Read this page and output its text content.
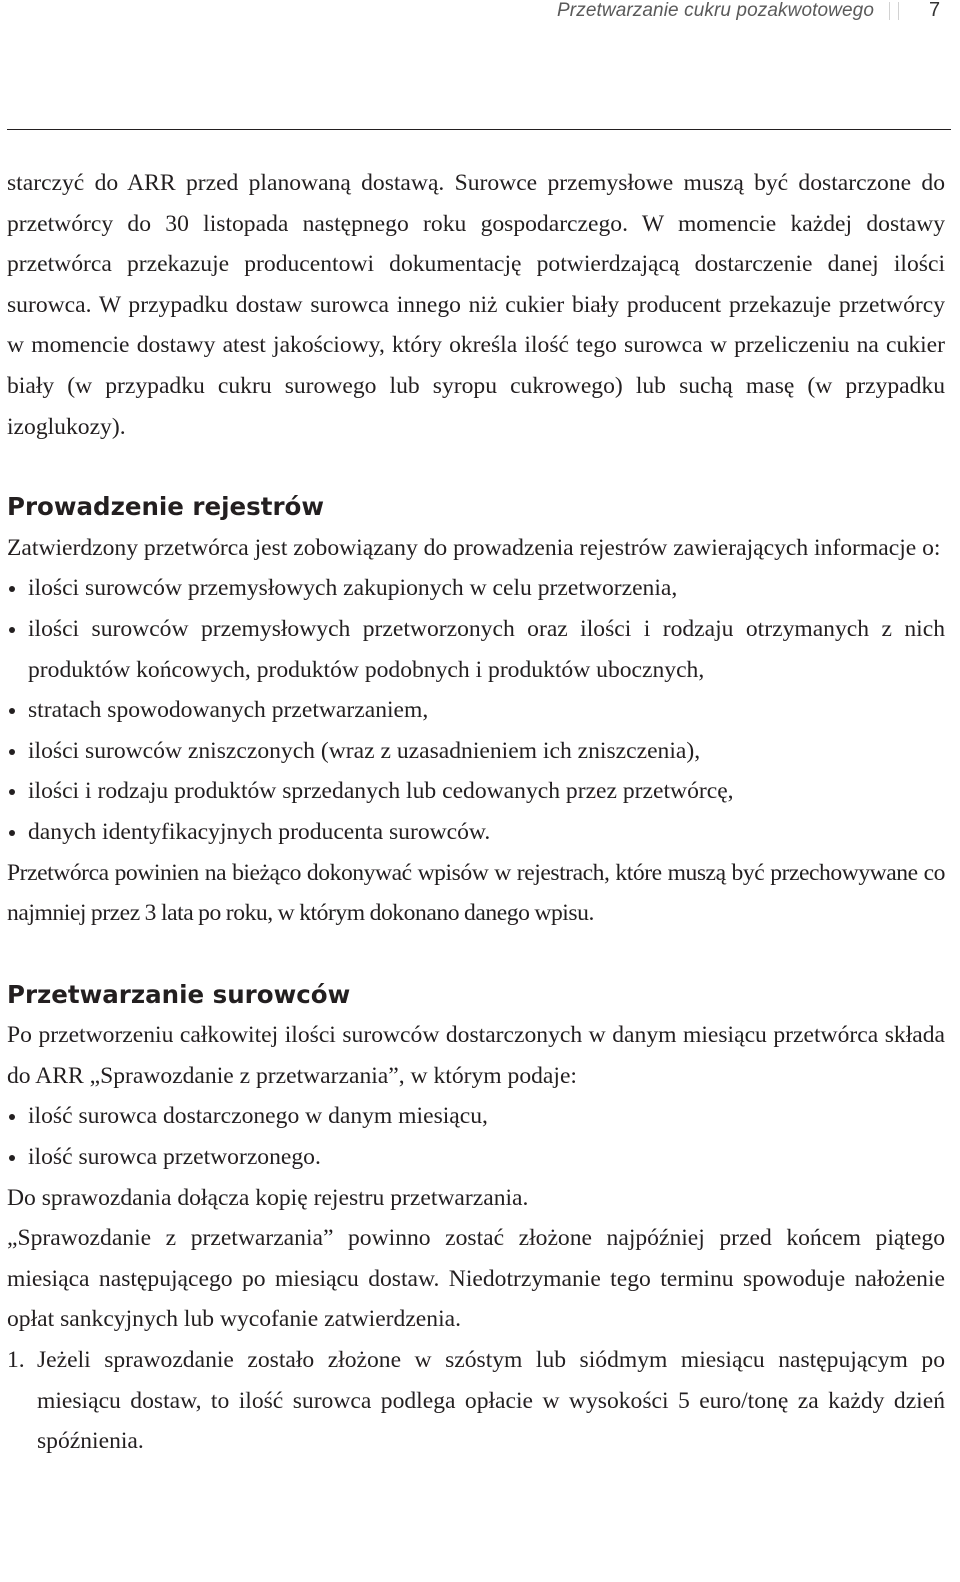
Przetwarzanie cukru pozakwotowego	7

starczyć do ARR przed planowaną dostawą. Surowce przemysłowe muszą być dostarczone do przetwórcy do 30 listopada następnego roku gospodarczego. W momencie każdej dostawy przetwórca przekazuje producentowi dokumentację potwierdzającą dostarczenie danej ilości surowca. W przypadku dostaw surowca innego niż cukier biały producent przekazuje przetwórcy w momencie dostawy atest jakościowy, który określa ilość tego surowca w przeliczeniu na cukier biały (w przypadku cukru surowego lub syropu cukrowego) lub suchą masę (w przypadku izoglukozy).

Prowadzenie rejestrów

Zatwierdzony przetwórca jest zobowiązany do prowadzenia rejestrów zawierających informacje o:

ilości surowców przemysłowych zakupionych w celu przetworzenia,
ilości surowców przemysłowych przetworzonych oraz ilości i rodzaju otrzymanych z nich produktów końcowych, produktów podobnych i produktów ubocznych,
stratach spowodowanych przetwarzaniem,
ilości surowców zniszczonych (wraz z uzasadnieniem ich zniszczenia),
ilości i rodzaju produktów sprzedanych lub cedowanych przez przetwórcę,
danych identyfikacyjnych producenta surowców.

Przetwórca powinien na bieżąco dokonywać wpisów w rejestrach, które muszą być przechowywane co najmniej przez 3 lata po roku, w którym dokonano danego wpisu.

Przetwarzanie surowców

Po przetworzeniu całkowitej ilości surowców dostarczonych w danym miesiącu przetwórca składa do ARR „Sprawozdanie z przetwarzania”, w którym podaje:

ilość surowca dostarczonego w danym miesiącu,
ilość surowca przetworzonego.

Do sprawozdania dołącza kopię rejestru przetwarzania.

„Sprawozdanie z przetwarzania” powinno zostać złożone najpóźniej przed końcem piątego miesiąca następującego po miesiącu dostaw. Niedotrzymanie tego terminu spowoduje nałożenie opłat sankcyjnych lub wycofanie zatwierdzenia.

1. Jeżeli sprawozdanie zostało złożone w szóstym lub siódmym miesiącu następującym po miesiącu dostaw, to ilość surowca podlega opłacie w wysokości 5 euro/tonę za każdy dzień spóźnienia.
